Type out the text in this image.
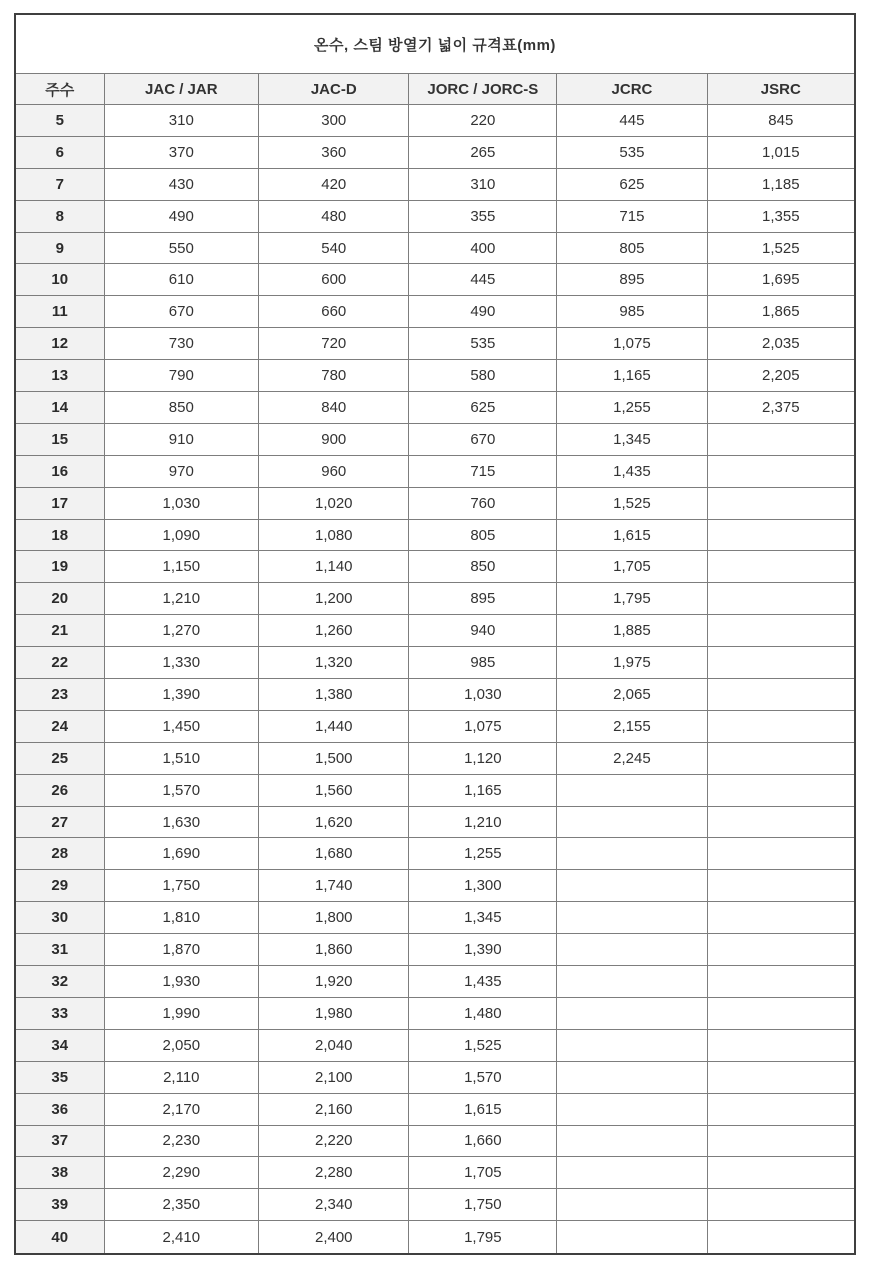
온수, 스팀 방열기 넓이 규격표(mm)					
주수	JAC / JAR	JAC-D	JORC / JORC-S	JCRC	JSRC
5	310	300	220	445	845
6	370	360	265	535	1,015
7	430	420	310	625	1,185
8	490	480	355	715	1,355
9	550	540	400	805	1,525
10	610	600	445	895	1,695
11	670	660	490	985	1,865
12	730	720	535	1,075	2,035
13	790	780	580	1,165	2,205
14	850	840	625	1,255	2,375
15	910	900	670	1,345	
16	970	960	715	1,435	
17	1,030	1,020	760	1,525	
18	1,090	1,080	805	1,615	
19	1,150	1,140	850	1,705	
20	1,210	1,200	895	1,795	
21	1,270	1,260	940	1,885	
22	1,330	1,320	985	1,975	
23	1,390	1,380	1,030	2,065	
24	1,450	1,440	1,075	2,155	
25	1,510	1,500	1,120	2,245	
26	1,570	1,560	1,165		
27	1,630	1,620	1,210		
28	1,690	1,680	1,255		
29	1,750	1,740	1,300		
30	1,810	1,800	1,345		
31	1,870	1,860	1,390		
32	1,930	1,920	1,435		
33	1,990	1,980	1,480		
34	2,050	2,040	1,525		
35	2,110	2,100	1,570		
36	2,170	2,160	1,615		
37	2,230	2,220	1,660		
38	2,290	2,280	1,705		
39	2,350	2,340	1,750		
40	2,410	2,400	1,795		
